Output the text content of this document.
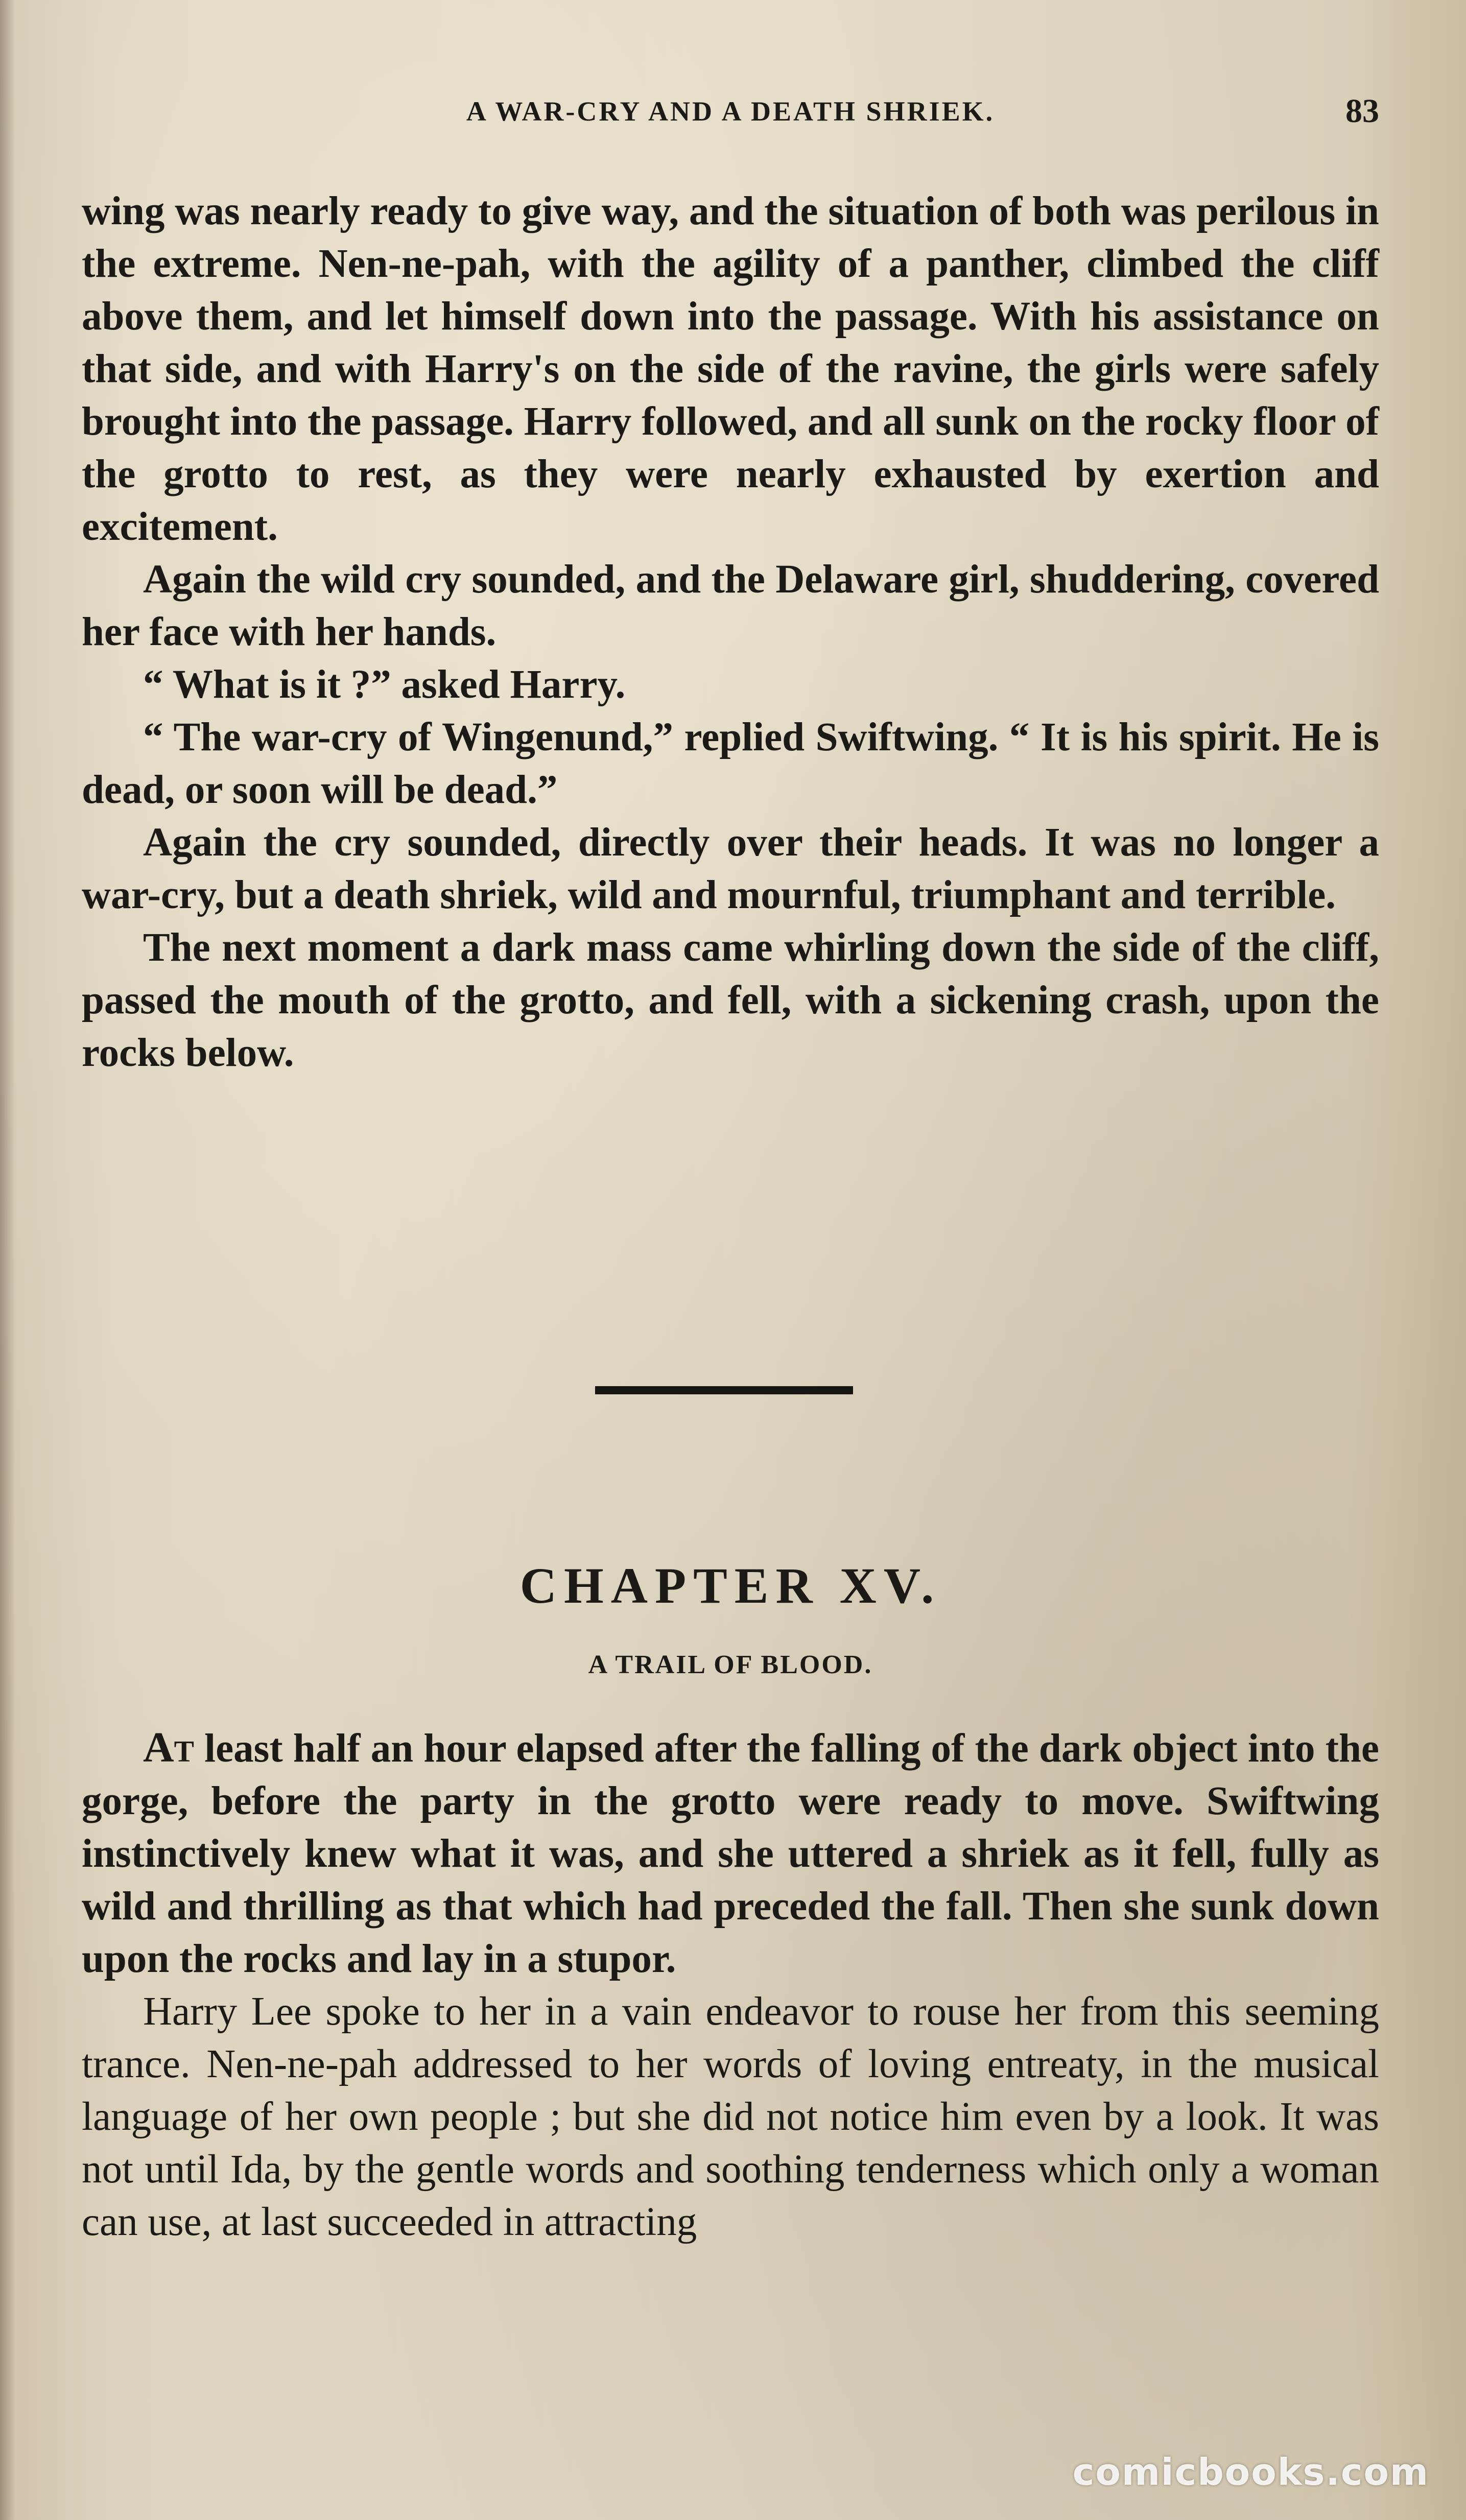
A WAR-CRY AND A DEATH SHRIEK.	83

wing was nearly ready to give way, and the situation of both was perilous in the extreme. Nen-ne-pah, with the agility of a panther, climbed the cliff above them, and let himself down into the passage. With his assistance on that side, and with Harry's on the side of the ravine, the girls were safely brought into the passage. Harry followed, and all sunk on the rocky floor of the grotto to rest, as they were nearly exhausted by exertion and excitement.

Again the wild cry sounded, and the Delaware girl, shuddering, covered her face with her hands.

“ What is it ?” asked Harry.

“ The war-cry of Wingenund,” replied Swiftwing. “ It is his spirit. He is dead, or soon will be dead.”

Again the cry sounded, directly over their heads. It was no longer a war-cry, but a death shriek, wild and mournful, triumphant and terrible.

The next moment a dark mass came whirling down the side of the cliff, passed the mouth of the grotto, and fell, with a sickening crash, upon the rocks below.

CHAPTER XV.
A TRAIL OF BLOOD.

At least half an hour elapsed after the falling of the dark object into the gorge, before the party in the grotto were ready to move. Swiftwing instinctively knew what it was, and she uttered a shriek as it fell, fully as wild and thrilling as that which had preceded the fall. Then she sunk down upon the rocks and lay in a stupor.

Harry Lee spoke to her in a vain endeavor to rouse her from this seeming trance. Nen-ne-pah addressed to her words of loving entreaty, in the musical language of her own people ; but she did not notice him even by a look. It was not until Ida, by the gentle words and soothing tenderness which only a woman can use, at last succeeded in attracting

comicbooks.com
